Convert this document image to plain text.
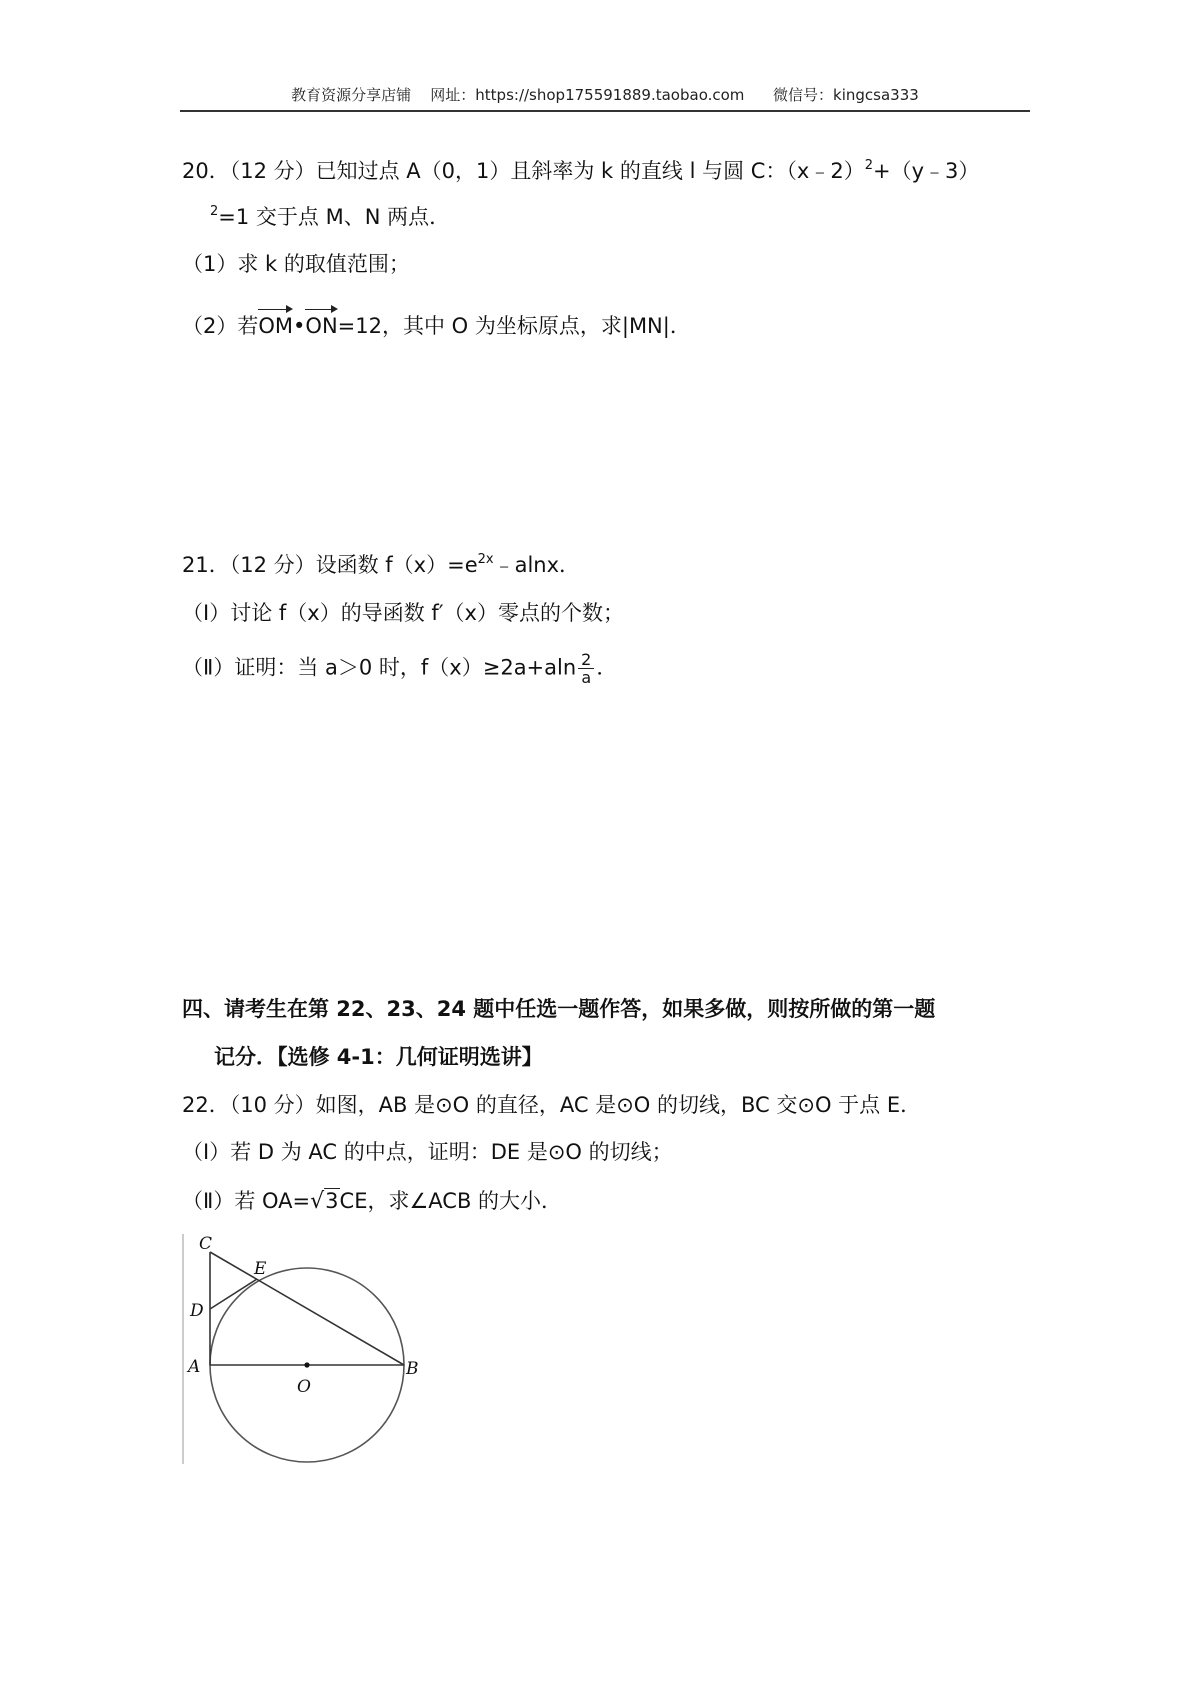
教育资源分享店铺 网址：https://shop175591889.taobao.com 微信号：kingcsa333
20．（12 分）已知过点 A（0，1）且斜率为 k 的直线 l 与圆 C：（x﹣2）$^2$+（y﹣3）
$^2$=1 交于点 M、N 两点．
（1）求 k 的取值范围；
（2）若OM•ON=12，其中 O 为坐标原点，求|MN|．
21．（12 分）设函数 $f(x)=e^{2x}﹣alnx$．
（Ⅰ）讨论 f（x）的导函数 f′（x）零点的个数；
（Ⅱ）证明：当 a＞0 时，$f(x)\ge 2a+aln \frac{2}{a}$ ．
四、请考生在第 22、23、24 题中任选一题作答，如果多做，则按所做的第一题
记分．【选修 4-1：几何证明选讲】
22．（10 分）如图，AB 是⊙O 的直径，AC 是⊙O 的切线，BC 交⊙O 于点 E．
（Ⅰ）若 D 为 AC 的中点，证明：DE 是⊙O 的切线；
（Ⅱ）若 OA=√3CE，求∠ACB 的大小．
C
E
D
A
O
B
